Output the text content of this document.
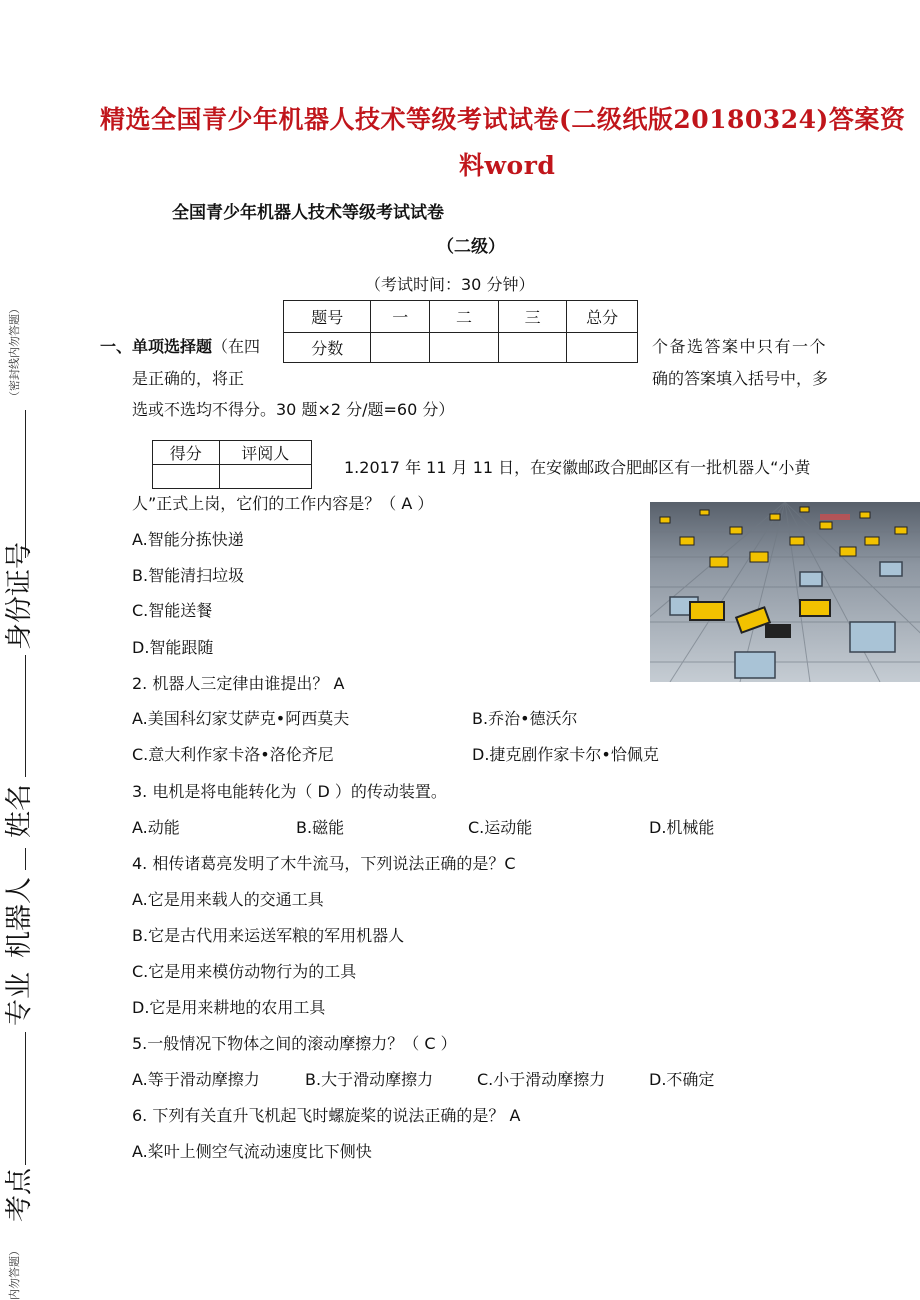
精选全国青少年机器人技术等级考试试卷(二级纸版20180324)答案资
料word
全国青少年机器人技术等级考试试卷
（二级）
（考试时间：30 分钟）
题号	一	二	三	总分
分数				
一、单项选择题（在四	个备选答案中只有一个
是正确的，将正	确的答案填入括号中，多
选或不选均不得分。30 题×2 分/题=60 分）
得分	评阅人

1.2017 年 11 月 11 日，在安徽邮政合肥邮区有一批机器人“小黄
人”正式上岗，它们的工作内容是？（ A ）
A.智能分拣快递
B.智能清扫垃圾
C.智能送餐
D.智能跟随
2. 机器人三定律由谁提出？ A
A.美国科幻家艾萨克•阿西莫夫	B.乔治•德沃尔
C.意大利作家卡洛•洛伦齐尼	D.捷克剧作家卡尔•恰佩克
3. 电机是将电能转化为（ D ）的传动装置。
A.动能	B.磁能	C.运动能	D.机械能
4. 相传诸葛亮发明了木牛流马，下列说法正确的是？C
A.它是用来载人的交通工具
B.它是古代用来运送军粮的军用机器人
C.它是用来模仿动物行为的工具
D.它是用来耕地的农用工具
5.一般情况下物体之间的滚动摩擦力？（ C ）
A.等于滑动摩擦力	B.大于滑动摩擦力	C.小于滑动摩擦力	D.不确定
6. 下列有关直升飞机起飞时螺旋桨的说法正确的是？ A
A.桨叶上侧空气流动速度比下侧快
（密封线内勿答题）
身份证号
姓名
机器人
专业
考点
内勿答题）
